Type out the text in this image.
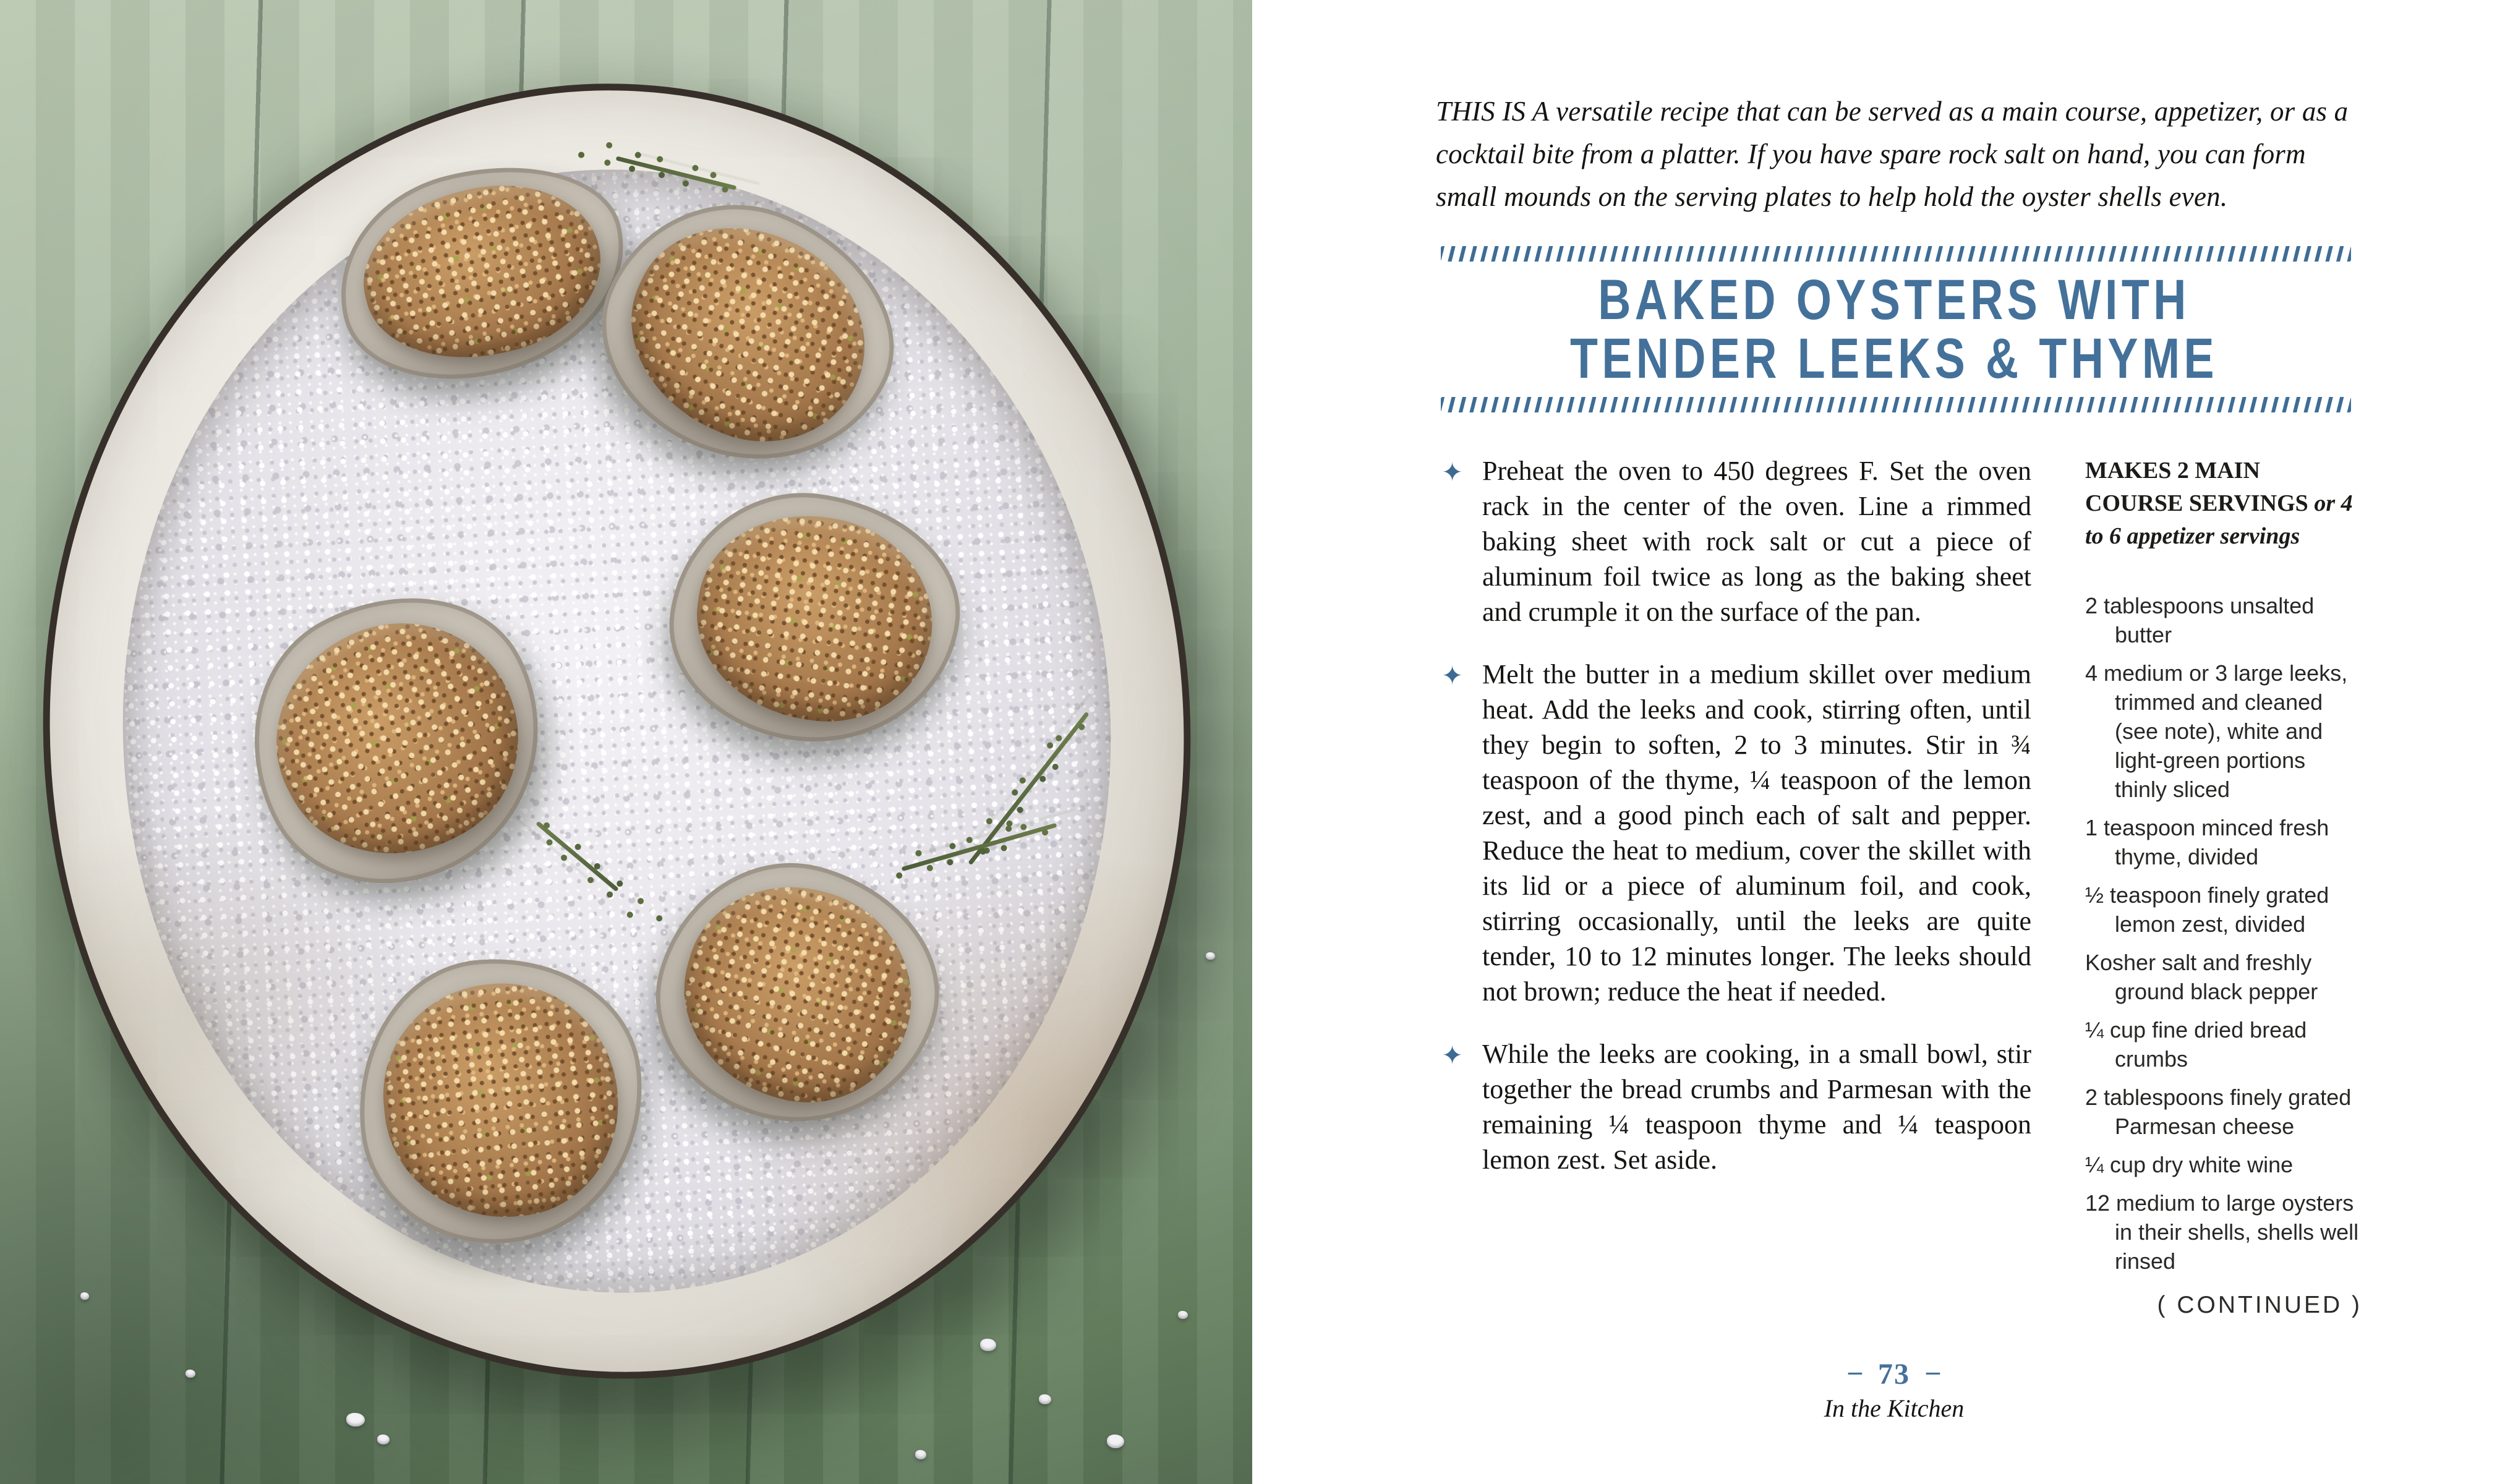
THIS IS A versatile recipe that can be served as a main course, appetizer, or as a cocktail bite from a platter. If you have spare rock salt on hand, you can form small mounds on the serving plates to help hold the oyster shells even.

BAKED OYSTERS WITH
TENDER LEEKS & THYME
✦ Preheat the oven to 450 degrees F. Set the oven rack in the center of the oven. Line a rimmed baking sheet with rock salt or cut a piece of aluminum foil twice as long as the baking sheet and crumple it on the surface of the pan.
✦ Melt the butter in a medium skillet over medium heat. Add the leeks and cook, stirring often, until they begin to soften, 2 to 3 minutes. Stir in ¾ teaspoon of the thyme, ¼ teaspoon of the lemon zest, and a good pinch each of salt and pepper. Reduce the heat to medium, cover the skillet with its lid or a piece of aluminum foil, and cook, stirring occasionally, until the leeks are quite tender, 10 to 12 minutes longer. The leeks should not brown; reduce the heat if needed.
✦ While the leeks are cooking, in a small bowl, stir together the bread crumbs and Parmesan with the remaining ¼ teaspoon thyme and ¼ teaspoon lemon zest. Set aside.

MAKES 2 MAIN COURSE SERVINGS or 4 to 6 appetizer servings

2 tablespoons unsalted butter
4 medium or 3 large leeks, trimmed and cleaned (see note), white and light-green portions thinly sliced
1 teaspoon minced fresh thyme, divided
½ teaspoon finely grated lemon zest, divided
Kosher salt and freshly ground black pepper
¼ cup fine dried bread crumbs
2 tablespoons finely grated Parmesan cheese
¼ cup dry white wine
12 medium to large oysters in their shells, shells well rinsed

( CONTINUED )

– 73 –
In the Kitchen
